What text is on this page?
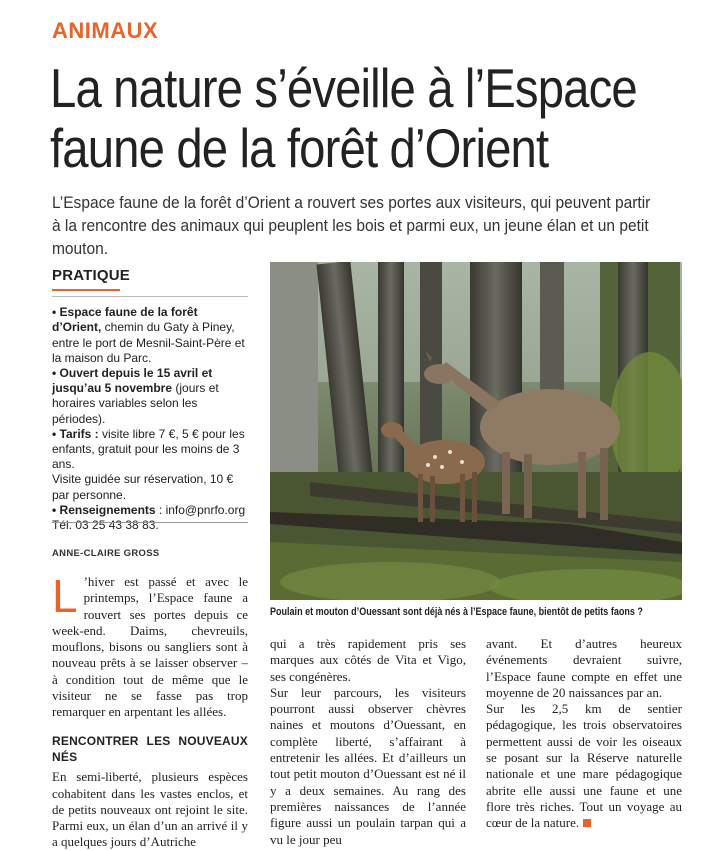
ANIMAUX
La nature s’éveille à l’Espace
faune de la forêt d’Orient
L’Espace faune de la forêt d’Orient a rouvert ses portes aux visiteurs, qui peuvent partir à la rencontre des animaux qui peuplent les bois et parmi eux, un jeune élan et un petit mouton.
PRATIQUE

• Espace faune de la forêt d’Orient, chemin du Gaty à Piney, entre le port de Mesnil-Saint-Père et la maison du Parc.

• Ouvert depuis le 15 avril et jusqu’au 5 novembre (jours et horaires variables selon les périodes).

• Tarifs : visite libre 7 €, 5 € pour les enfants, gratuit pour les moins de 3 ans.

Visite guidée sur réservation, 10 € par personne.

• Renseignements : info@pnrfo.org

Tél. 03 25 43 38 83.

ANNE-CLAIRE GROSS
Poulain et mouton d’Ouessant sont déjà nés à l’Espace faune, bientôt de petits faons ?

L ’hiver est passé et avec le printemps, l’Espace faune a rouvert ses portes depuis ce week-end. Daims, chevreuils, mouflons, bisons ou sangliers sont à nouveau prêts à se laisser observer – à condition tout de même que le visiteur ne se fasse pas trop remarquer en arpentant les allées.

RENCONTRER LES NOUVEAUX NÉS

En semi-liberté, plusieurs espèces cohabitent dans les vastes enclos, et de petits nouveaux ont rejoint le site. Parmi eux, un élan d’un an arrivé il y a quelques jours d’Autriche

qui a très rapidement pris ses marques aux côtés de Vita et Vigo, ses congénères.

Sur leur parcours, les visiteurs pourront aussi observer chèvres naines et moutons d’Ouessant, en complète liberté, s’affairant à entretenir les allées. Et d’ailleurs un tout petit mouton d’Ouessant est né il y a deux semaines. Au rang des premières naissances de l’année figure aussi un poulain tarpan qui a vu le jour peu

avant. Et d’autres heureux événements devraient suivre, l’Espace faune compte en effet une moyenne de 20 naissances par an.

Sur les 2,5 km de sentier pédagogique, les trois observatoires permettent aussi de voir les oiseaux se posant sur la Réserve naturelle nationale et une mare pédagogique abrite elle aussi une faune et une flore très riches. Tout un voyage au cœur de la nature.
